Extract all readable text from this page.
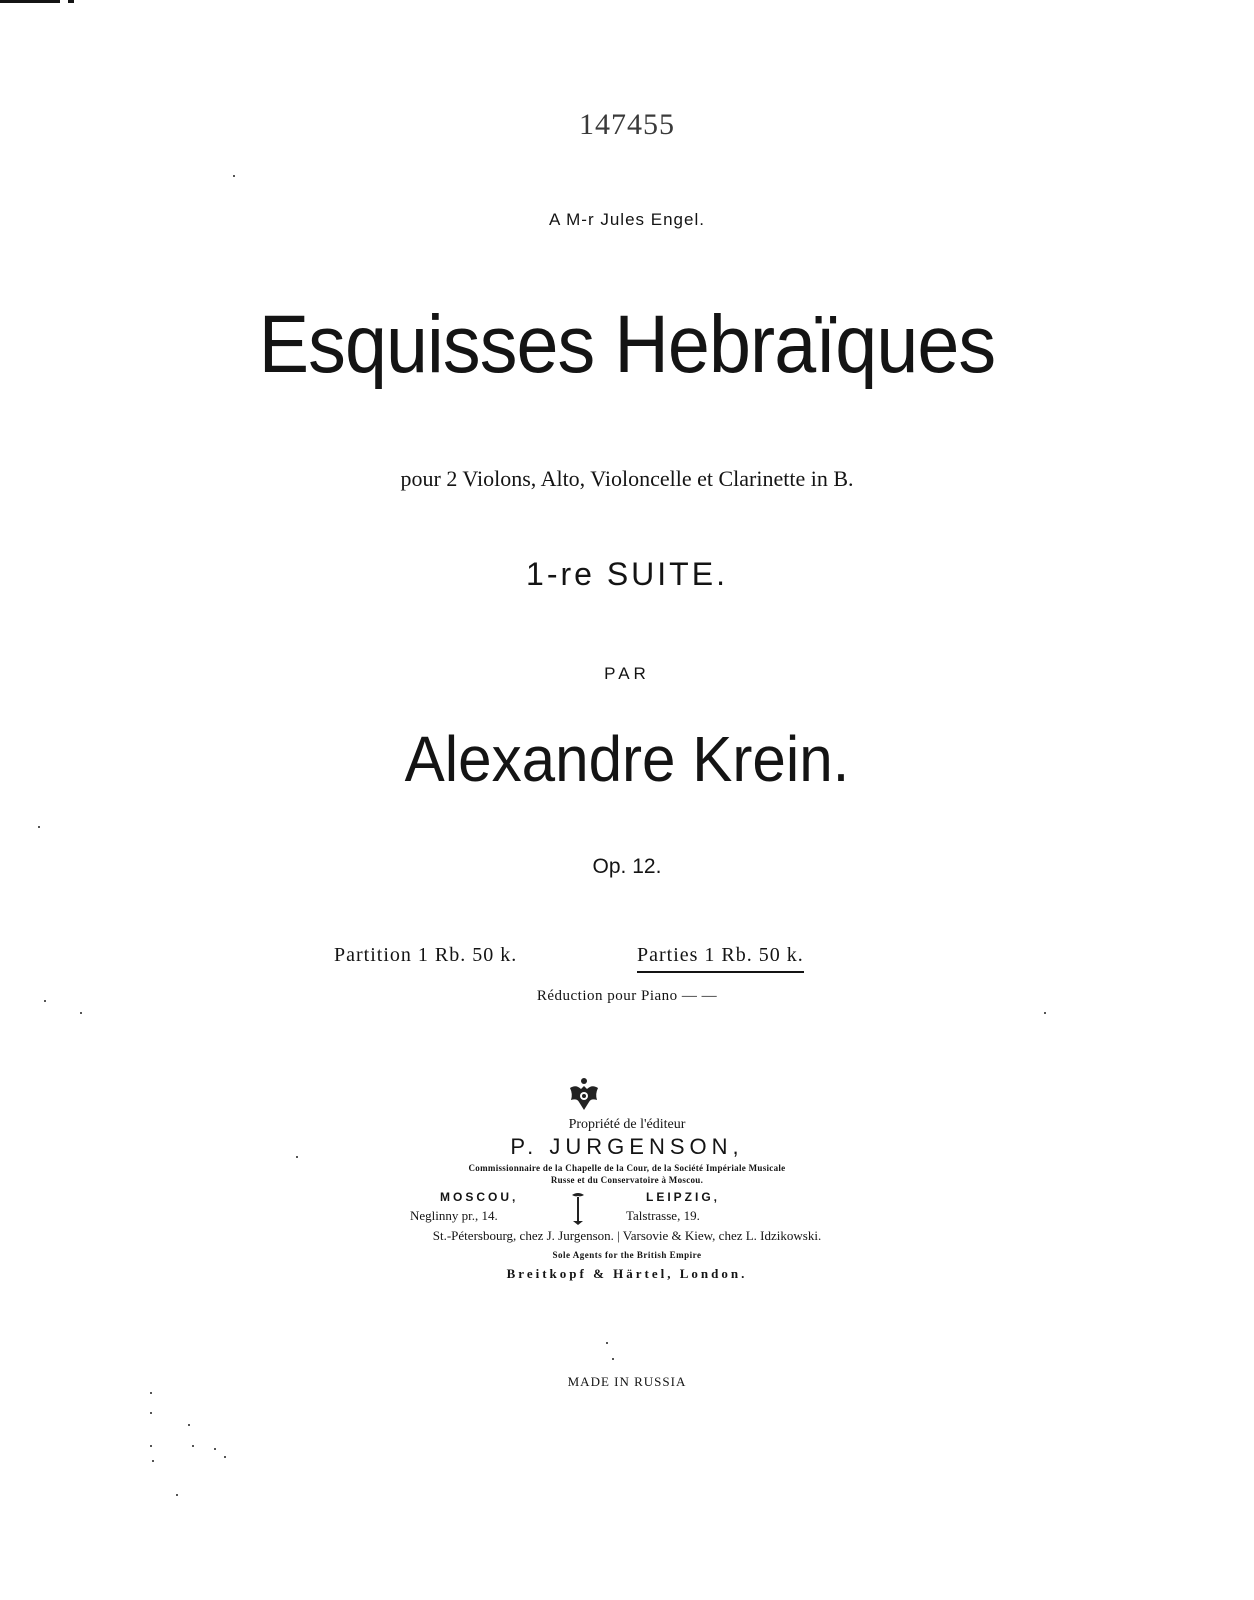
147455
A M-r Jules Engel.
Esquisses Hebraïques
pour 2 Violons, Alto, Violoncelle et Clarinette in B.
1-re SUITE.
PAR
Alexandre Krein.
Op. 12.
Partition 1 Rb. 50 k.	Parties 1 Rb. 50 k.
Réduction pour Piano — —
Propriété de l'éditeur
P. JURGENSON,
Commissionnaire de la Chapelle de la Cour, de la Société Impériale Musicale
Russe et du Conservatoire à Moscou.
MOSCOU,	LEIPZIG,
Neglinny pr., 14.	Talstrasse, 19.
St.-Pétersbourg, chez J. Jurgenson. | Varsovie & Kiew, chez L. Idzikowski.
Sole Agents for the British Empire
Breitkopf & Härtel, London.
MADE IN RUSSIA
